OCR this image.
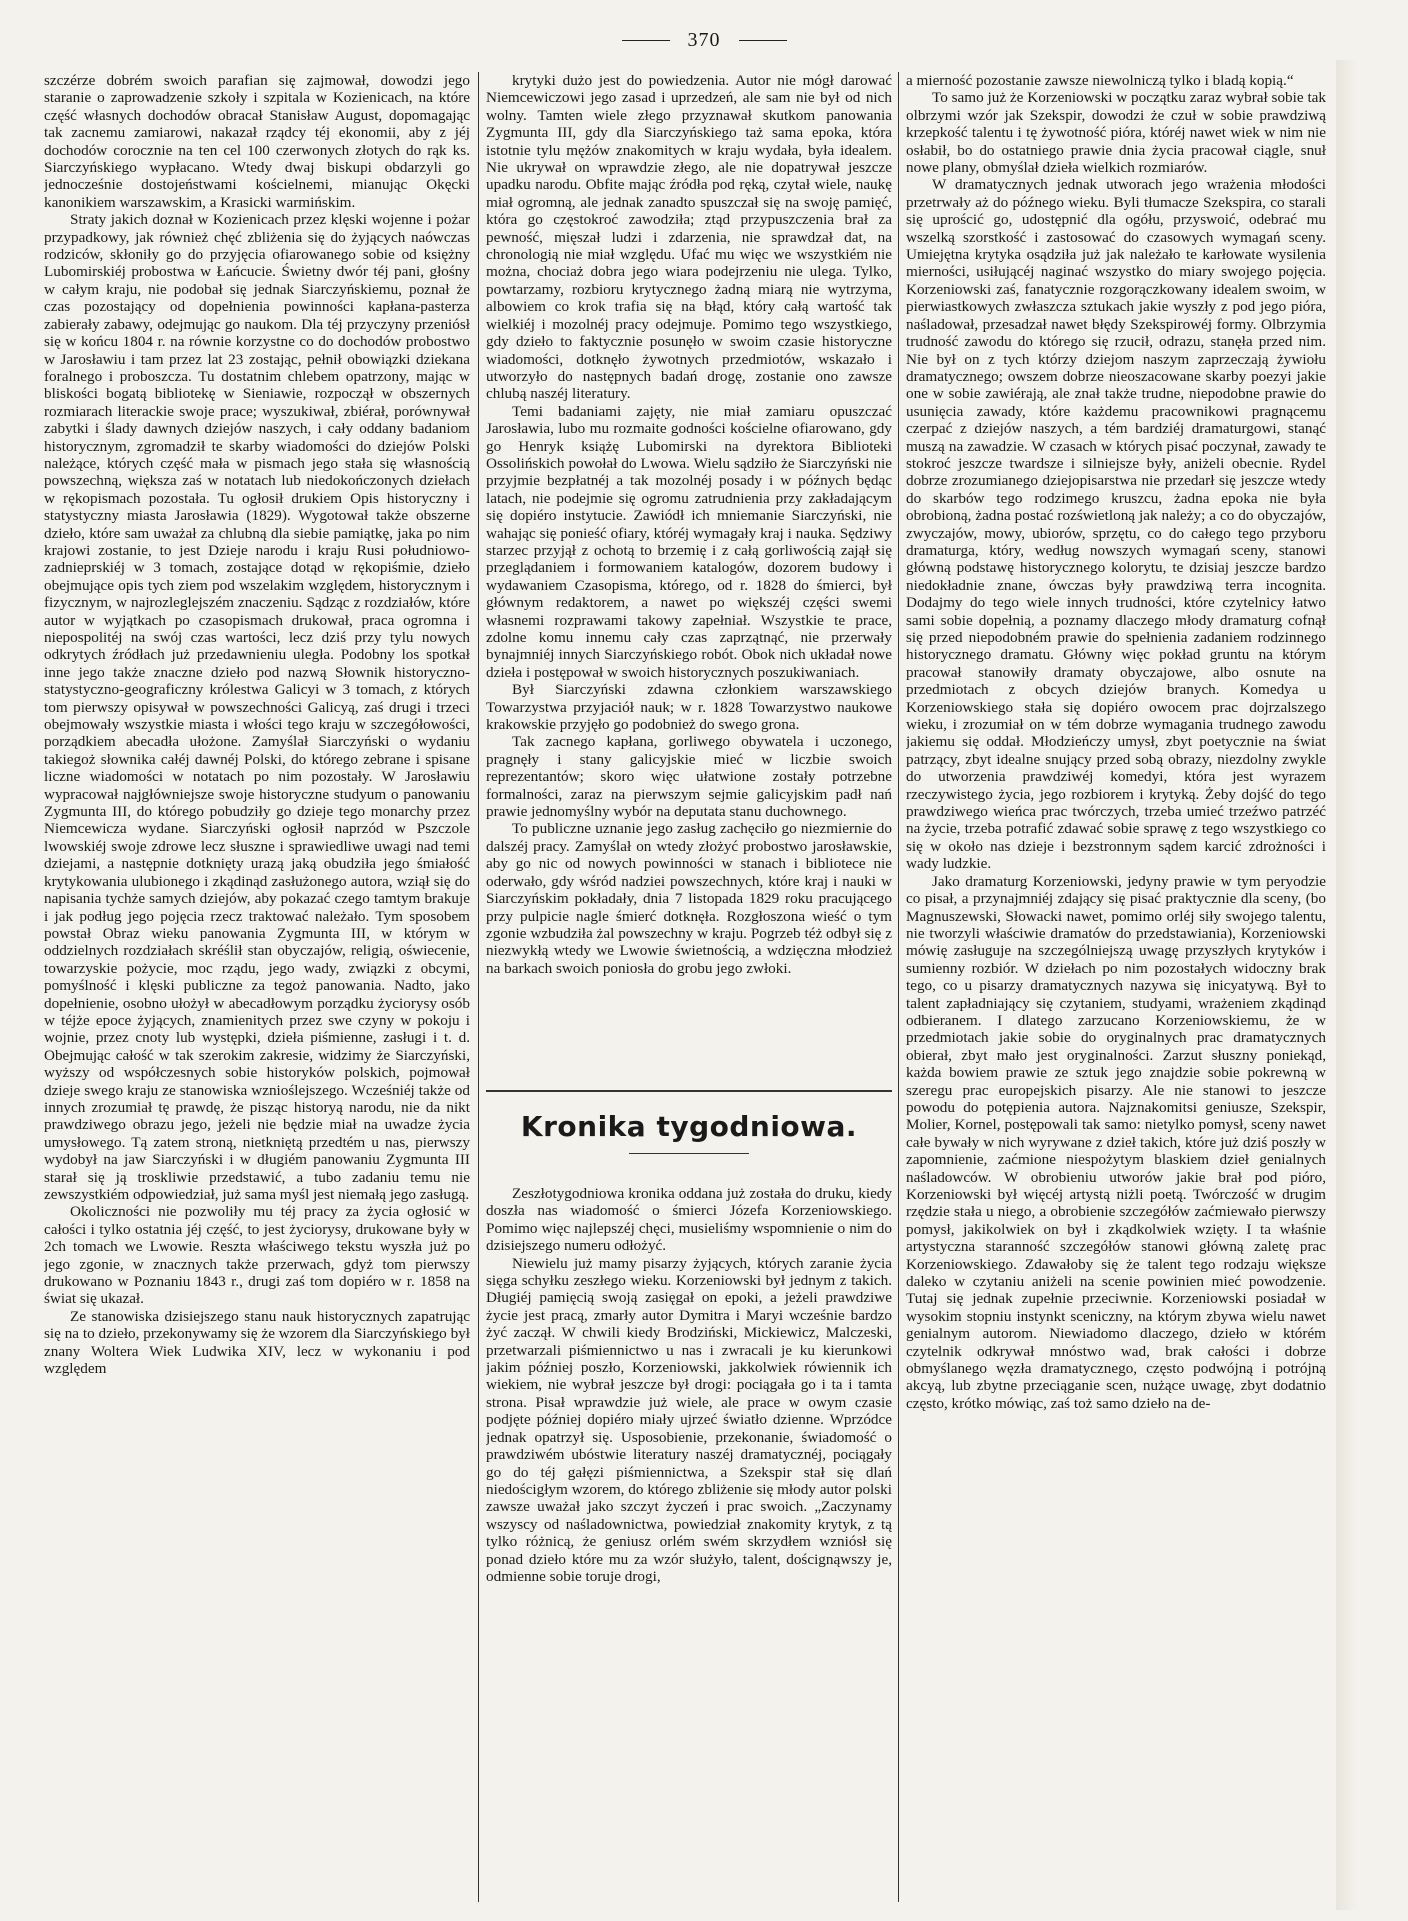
370

szczérze dobrém swoich parafian się zajmował, dowodzi jego staranie o zaprowadzenie szkoły i szpitala w Kozienicach, na które część własnych dochodów obracał Stanisław August, dopomagając tak zacnemu zamiarowi, nakazał rządcy téj ekonomii, aby z jéj dochodów corocznie na ten cel 100 czerwonych złotych do rąk ks. Siarczyńskiego wypłacano. Wtedy dwaj biskupi obdarzyli go jednocześnie dostojeństwami kościelnemi, mianując Okęcki kanonikiem warszawskim, a Krasicki warmińskim.

Straty jakich doznał w Kozienicach przez klęski wojenne i pożar przypadkowy, jak również chęć zbliżenia się do żyjących naówczas rodziców, skłoniły go do przyjęcia ofiarowanego sobie od księżny Lubomirskiéj probostwa w Łańcucie. Świetny dwór téj pani, głośny w całym kraju, nie podobał się jednak Siarczyńskiemu, poznał że czas pozostający od dopełnienia powinności kapłana-pasterza zabierały zabawy, odejmując go naukom. Dla téj przyczyny przeniósł się w końcu 1804 r. na równie korzystne co do dochodów probostwo w Jarosławiu i tam przez lat 23 zostając, pełnił obowiązki dziekana foralnego i proboszcza. Tu dostatnim chlebem opatrzony, mając w bliskości bogatą bibliotekę w Sieniawie, rozpoczął w obszernych rozmiarach literackie swoje prace; wyszukiwał, zbiérał, porównywał zabytki i ślady dawnych dziejów naszych, i cały oddany badaniom historycznym, zgromadził te skarby wiadomości do dziejów Polski należące, których część mała w pismach jego stała się własnością powszechną, większa zaś w notatach lub niedokończonych dziełach w rękopismach pozostała. Tu ogłosił drukiem Opis historyczny i statystyczny miasta Jarosławia (1829). Wygotował także obszerne dzieło, które sam uważał za chlubną dla siebie pamiątkę, jaka po nim krajowi zostanie, to jest Dzieje narodu i kraju Rusi południowo-zadnieprskiéj w 3 tomach, zostające dotąd w rękopiśmie, dzieło obejmujące opis tych ziem pod wszelakim względem, historycznym i fizycznym, w najrozleglejszém znaczeniu. Sądząc z rozdziałów, które autor w wyjątkach po czasopismach drukował, praca ogromna i niepospolitéj na swój czas wartości, lecz dziś przy tylu nowych odkrytych źródłach już przedawnieniu uległa. Podobny los spotkał inne jego także znaczne dzieło pod nazwą Słownik historyczno-statystyczno-geograficzny królestwa Galicyi w 3 tomach, z których tom pierwszy opisywał w powszechności Galicyą, zaś drugi i trzeci obejmowały wszystkie miasta i włości tego kraju w szczegółowości, porządkiem abecadła ułożone. Zamyślał Siarczyński o wydaniu takiegoż słownika całéj dawnéj Polski, do którego zebrane i spisane liczne wiadomości w notatach po nim pozostały. W Jarosławiu wypracował najgłówniejsze swoje historyczne studyum o panowaniu Zygmunta III, do którego pobudziły go dzieje tego monarchy przez Niemcewicza wydane. Siarczyński ogłosił naprzód w Pszczole lwowskiéj swoje zdrowe lecz słuszne i sprawiedliwe uwagi nad temi dziejami, a następnie dotknięty urazą jaką obudziła jego śmiałość krytykowania ulubionego i zkądinąd zasłużonego autora, wziął się do napisania tychże samych dziejów, aby pokazać czego tamtym brakuje i jak podług jego pojęcia rzecz traktować należało. Tym sposobem powstał Obraz wieku panowania Zygmunta III, w którym w oddzielnych rozdziałach skréślił stan obyczajów, religią, oświecenie, towarzyskie pożycie, moc rządu, jego wady, związki z obcymi, pomyślność i klęski publiczne za tegoż panowania. Nadto, jako dopełnienie, osobno ułożył w abecadłowym porządku życiorysy osób w téjże epoce żyjących, znamienitych przez swe czyny w pokoju i wojnie, przez cnoty lub występki, dzieła piśmienne, zasługi i t. d. Obejmując całość w tak szerokim zakresie, widzimy że Siarczyński, wyższy od współczesnych sobie historyków polskich, pojmował dzieje swego kraju ze stanowiska wznioślejszego. Wcześniéj także od innych zrozumiał tę prawdę, że pisząc historyą narodu, nie da nikt prawdziwego obrazu jego, jeżeli nie będzie miał na uwadze życia umysłowego. Tą zatem stroną, nietkniętą przedtém u nas, pierwszy wydobył na jaw Siarczyński i w długiém panowaniu Zygmunta III starał się ją troskliwie przedstawić, a tubo zadaniu temu nie zewszystkiém odpowiedział, już sama myśl jest niemałą jego zasługą.

Okoliczności nie pozwoliły mu téj pracy za życia ogłosić w całości i tylko ostatnia jéj część, to jest życiorysy, drukowane były w 2ch tomach we Lwowie. Reszta właściwego tekstu wyszła już po jego zgonie, w znacznych także przerwach, gdyż tom pierwszy drukowano w Poznaniu 1843 r., drugi zaś tom dopiéro w r. 1858 na świat się ukazał.

Ze stanowiska dzisiejszego stanu nauk historycznych zapatrując się na to dzieło, przekonywamy się że wzorem dla Siarczyńskiego był znany Woltera Wiek Ludwika XIV, lecz w wykonaniu i pod względem

krytyki dużo jest do powiedzenia. Autor nie mógł darować Niemcewiczowi jego zasad i uprzedzeń, ale sam nie był od nich wolny. Tamten wiele złego przyznawał skutkom panowania Zygmunta III, gdy dla Siarczyńskiego taż sama epoka, która istotnie tylu mężów znakomitych w kraju wydała, była idealem. Nie ukrywał on wprawdzie złego, ale nie dopatrywał jeszcze upadku narodu. Obfite mając źródła pod ręką, czytał wiele, naukę miał ogromną, ale jednak zanadto spuszczał się na swoję pamięć, która go częstokroć zawodziła; ztąd przypuszczenia brał za pewność, mięszał ludzi i zdarzenia, nie sprawdzał dat, na chronologią nie miał względu. Ufać mu więc we wszystkiém nie można, chociaż dobra jego wiara podejrzeniu nie ulega. Tylko, powtarzamy, rozbioru krytycznego żadną miarą nie wytrzyma, albowiem co krok trafia się na błąd, który całą wartość tak wielkiéj i mozolnéj pracy odejmuje. Pomimo tego wszystkiego, gdy dzieło to faktycznie posunęło w swoim czasie historyczne wiadomości, dotknęło żywotnych przedmiotów, wskazało i utworzyło do następnych badań drogę, zostanie ono zawsze chlubą naszéj literatury.

Temi badaniami zajęty, nie miał zamiaru opuszczać Jarosławia, lubo mu rozmaite godności kościelne ofiarowano, gdy go Henryk książę Lubomirski na dyrektora Biblioteki Ossolińskich powołał do Lwowa. Wielu sądziło że Siarczyński nie przyjmie bezpłatnéj a tak mozolnéj posady i w późnych będąc latach, nie podejmie się ogromu zatrudnienia przy zakładającym się dopiéro instytucie. Zawiódł ich mniemanie Siarczyński, nie wahając się ponieść ofiary, któréj wymagały kraj i nauka. Sędziwy starzec przyjął z ochotą to brzemię i z całą gorliwością zajął się przeglądaniem i formowaniem katalogów, dozorem budowy i wydawaniem Czasopisma, którego, od r. 1828 do śmierci, był głównym redaktorem, a nawet po większéj części swemi własnemi rozprawami takowy zapełniał. Wszystkie te prace, zdolne komu innemu cały czas zaprzątnąć, nie przerwały bynajmniéj innych Siarczyńskiego robót. Obok nich układał nowe dzieła i postępował w swoich historycznych poszukiwaniach.

Był Siarczyński zdawna członkiem warszawskiego Towarzystwa przyjaciół nauk; w r. 1828 Towarzystwo naukowe krakowskie przyjęło go podobnież do swego grona.

Tak zacnego kapłana, gorliwego obywatela i uczonego, pragnęły i stany galicyjskie mieć w liczbie swoich reprezentantów; skoro więc ułatwione zostały potrzebne formalności, zaraz na pierwszym sejmie galicyjskim padł nań prawie jednomyślny wybór na deputata stanu duchownego.

To publiczne uznanie jego zasług zachęciło go niezmiernie do dalszéj pracy. Zamyślał on wtedy złożyć probostwo jarosławskie, aby go nic od nowych powinności w stanach i bibliotece nie oderwało, gdy wśród nadziei powszechnych, które kraj i nauki w Siarczyńskim pokładały, dnia 7 listopada 1829 roku pracującego przy pulpicie nagle śmierć dotknęła. Rozgłoszona wieść o tym zgonie wzbudziła żal powszechny w kraju. Pogrzeb téż odbył się z niezwykłą wtedy we Lwowie świetnością, a wdzięczna młodzież na barkach swoich poniosła do grobu jego zwłoki.

Kronika tygodniowa.

Zeszłotygodniowa kronika oddana już została do druku, kiedy doszła nas wiadomość o śmierci Józefa Korzeniowskiego. Pomimo więc najlepszéj chęci, musieliśmy wspomnienie o nim do dzisiejszego numeru odłożyć.

Niewielu już mamy pisarzy żyjących, których zaranie życia sięga schyłku zeszłego wieku. Korzeniowski był jednym z takich. Długiéj pamięcią swoją zasięgał on epoki, a jeżeli prawdziwe życie jest pracą, zmarły autor Dymitra i Maryi wcześnie bardzo żyć zaczął. W chwili kiedy Brodziński, Mickiewicz, Malczeski, przetwarzali piśmiennictwo u nas i zwracali je ku kierunkowi jakim później poszło, Korzeniowski, jakkolwiek rówiennik ich wiekiem, nie wybrał jeszcze był drogi: pociągała go i ta i tamta strona. Pisał wprawdzie już wiele, ale prace w owym czasie podjęte później dopiéro miały ujrzeć światło dzienne. Wprzódce jednak opatrzył się. Usposobienie, przekonanie, świadomość o prawdziwém ubóstwie literatury naszéj dramatycznéj, pociągały go do téj gałęzi piśmiennictwa, a Szekspir stał się dlań niedościgłym wzorem, do którego zbliżenie się młody autor polski zawsze uważał jako szczyt życzeń i prac swoich. „Zaczynamy wszyscy od naśladownictwa, powiedział znakomity krytyk, z tą tylko różnicą, że geniusz orlém swém skrzydłem wzniósł się ponad dzieło które mu za wzór służyło, talent, doścignąwszy je, odmienne sobie toruje drogi,

a mierność pozostanie zawsze niewolniczą tylko i bladą kopią.“

To samo już że Korzeniowski w początku zaraz wybrał sobie tak olbrzymi wzór jak Szekspir, dowodzi że czuł w sobie prawdziwą krzepkość talentu i tę żywotność pióra, któréj nawet wiek w nim nie osłabił, bo do ostatniego prawie dnia życia pracował ciągle, snuł nowe plany, obmyślał dzieła wielkich rozmiarów.

W dramatycznych jednak utworach jego wrażenia młodości przetrwały aż do późnego wieku. Byli tłumacze Szekspira, co starali się uprościć go, udostępnić dla ogółu, przyswoić, odebrać mu wszelką szorstkość i zastosować do czasowych wymagań sceny. Umiejętna krytyka osądziła już jak należało te karłowate wysilenia mierności, usiłującéj naginać wszystko do miary swojego pojęcia. Korzeniowski zaś, fanatycznie rozgorączkowany idealem swoim, w pierwiastkowych zwłaszcza sztukach jakie wyszły z pod jego pióra, naśladował, przesadzał nawet błędy Szekspirowéj formy. Olbrzymia trudność zawodu do którego się rzucił, odrazu, stanęła przed nim. Nie był on z tych którzy dziejom naszym zaprzeczają żywiołu dramatycznego; owszem dobrze nieoszacowane skarby poezyi jakie one w sobie zawiérają, ale znał także trudne, niepodobne prawie do usunięcia zawady, które każdemu pracownikowi pragnącemu czerpać z dziejów naszych, a tém bardziéj dramaturgowi, stanąć muszą na zawadzie. W czasach w których pisać poczynał, zawady te stokroć jeszcze twardsze i silniejsze były, aniżeli obecnie. Rydel dobrze zrozumianego dziejopisarstwa nie przedarł się jeszcze wtedy do skarbów tego rodzimego kruszcu, żadna epoka nie była obrobioną, żadna postać rozświetloną jak należy; a co do obyczajów, zwyczajów, mowy, ubiorów, sprzętu, co do całego tego przyboru dramaturga, który, według nowszych wymagań sceny, stanowi główną podstawę historycznego kolorytu, te dzisiaj jeszcze bardzo niedokładnie znane, ówczas były prawdziwą terra incognita. Dodajmy do tego wiele innych trudności, które czytelnicy łatwo sami sobie dopełnią, a poznamy dlaczego młody dramaturg cofnął się przed niepodobném prawie do spełnienia zadaniem rodzinnego historycznego dramatu. Główny więc pokład gruntu na którym pracował stanowiły dramaty obyczajowe, albo osnute na przedmiotach z obcych dziejów branych. Komedya u Korzeniowskiego stała się dopiéro owocem prac dojrzalszego wieku, i zrozumiał on w tém dobrze wymagania trudnego zawodu jakiemu się oddał. Młodzieńczy umysł, zbyt poetycznie na świat patrzący, zbyt idealne snujący przed sobą obrazy, niezdolny zwykle do utworzenia prawdziwéj komedyi, która jest wyrazem rzeczywistego życia, jego rozbiorem i krytyką. Żeby dojść do tego prawdziwego wieńca prac twórczych, trzeba umieć trzeźwo patrzéć na życie, trzeba potrafić zdawać sobie sprawę z tego wszystkiego co się w około nas dzieje i bezstronnym sądem karcić zdrożności i wady ludzkie.

Jako dramaturg Korzeniowski, jedyny prawie w tym peryodzie co pisał, a przynajmniéj zdający się pisać praktycznie dla sceny, (bo Magnuszewski, Słowacki nawet, pomimo orléj siły swojego talentu, nie tworzyli właściwie dramatów do przedstawiania), Korzeniowski mówię zasługuje na szczególniejszą uwagę przyszłych krytyków i sumienny rozbiór. W dziełach po nim pozostałych widoczny brak tego, co u pisarzy dramatycznych nazywa się inicyatywą. Był to talent zapładniający się czytaniem, studyami, wrażeniem zkądinąd odbieranem. I dlatego zarzucano Korzeniowskiemu, że w przedmiotach jakie sobie do oryginalnych prac dramatycznych obierał, zbyt mało jest oryginalności. Zarzut słuszny poniekąd, każda bowiem prawie ze sztuk jego znajdzie sobie pokrewną w szeregu prac europejskich pisarzy. Ale nie stanowi to jeszcze powodu do potępienia autora. Najznakomitsi geniusze, Szekspir, Molier, Kornel, postępowali tak samo: nietylko pomysł, sceny nawet całe bywały w nich wyrywane z dzieł takich, które już dziś poszły w zapomnienie, zaćmione niespożytym blaskiem dzieł genialnych naśladowców. W obrobieniu utworów jakie brał pod pióro, Korzeniowski był więcéj artystą niżli poetą. Twórczość w drugim rzędzie stała u niego, a obrobienie szczegółów zaćmiewało pierwszy pomysł, jakikolwiek on był i zkądkolwiek wzięty. I ta właśnie artystyczna staranność szczegółów stanowi główną zaletę prac Korzeniowskiego. Zdawałoby się że talent tego rodzaju większe daleko w czytaniu aniżeli na scenie powinien mieć powodzenie. Tutaj się jednak zupełnie przeciwnie. Korzeniowski posiadał w wysokim stopniu instynkt sceniczny, na którym zbywa wielu nawet genialnym autorom. Niewiadomo dlaczego, dzieło w którém czytelnik odkrywał mnóstwo wad, brak całości i dobrze obmyślanego węzła dramatycznego, często podwójną i potrójną akcyą, lub zbytne przeciąganie scen, nużące uwagę, zbyt dodatnio często, krótko mówiąc, zaś toż samo dzieło na de-
